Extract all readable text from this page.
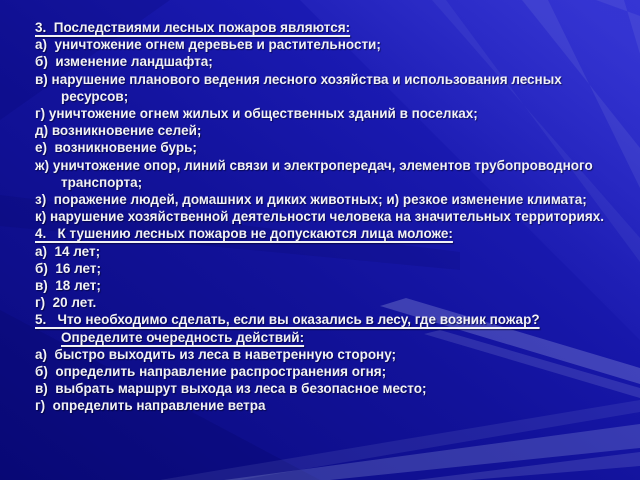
3.  Последствиями лесных пожаров являются:
а)  уничтожение огнем деревьев и растительности;
б)  изменение ландшафта;
в) нарушение планового ведения лесного хозяйства и использования лесных
ресурсов;
г) уничтожение огнем жилых и общественных зданий в поселках;
д) возникновение селей;
е)  возникновение бурь;
ж) уничтожение опор, линий связи и электропередач, элементов трубопроводного
транспорта;
з)  поражение людей, домашних и диких животных; и) резкое изменение климата;
к) нарушение хозяйственной деятельности человека на значительных территориях.
4.   К тушению лесных пожаров не допускаются лица моложе:
а)  14 лет;
б)  16 лет;
в)  18 лет;
г)  20 лет.
5.   Что необходимо сделать, если вы оказались в лесу, где возник пожар?
Определите очередность действий:
а)  быстро выходить из леса в наветренную сторону;
б)  определить направление распространения огня;
в)  выбрать маршрут выхода из леса в безопасное место;
г)  определить направление ветра
